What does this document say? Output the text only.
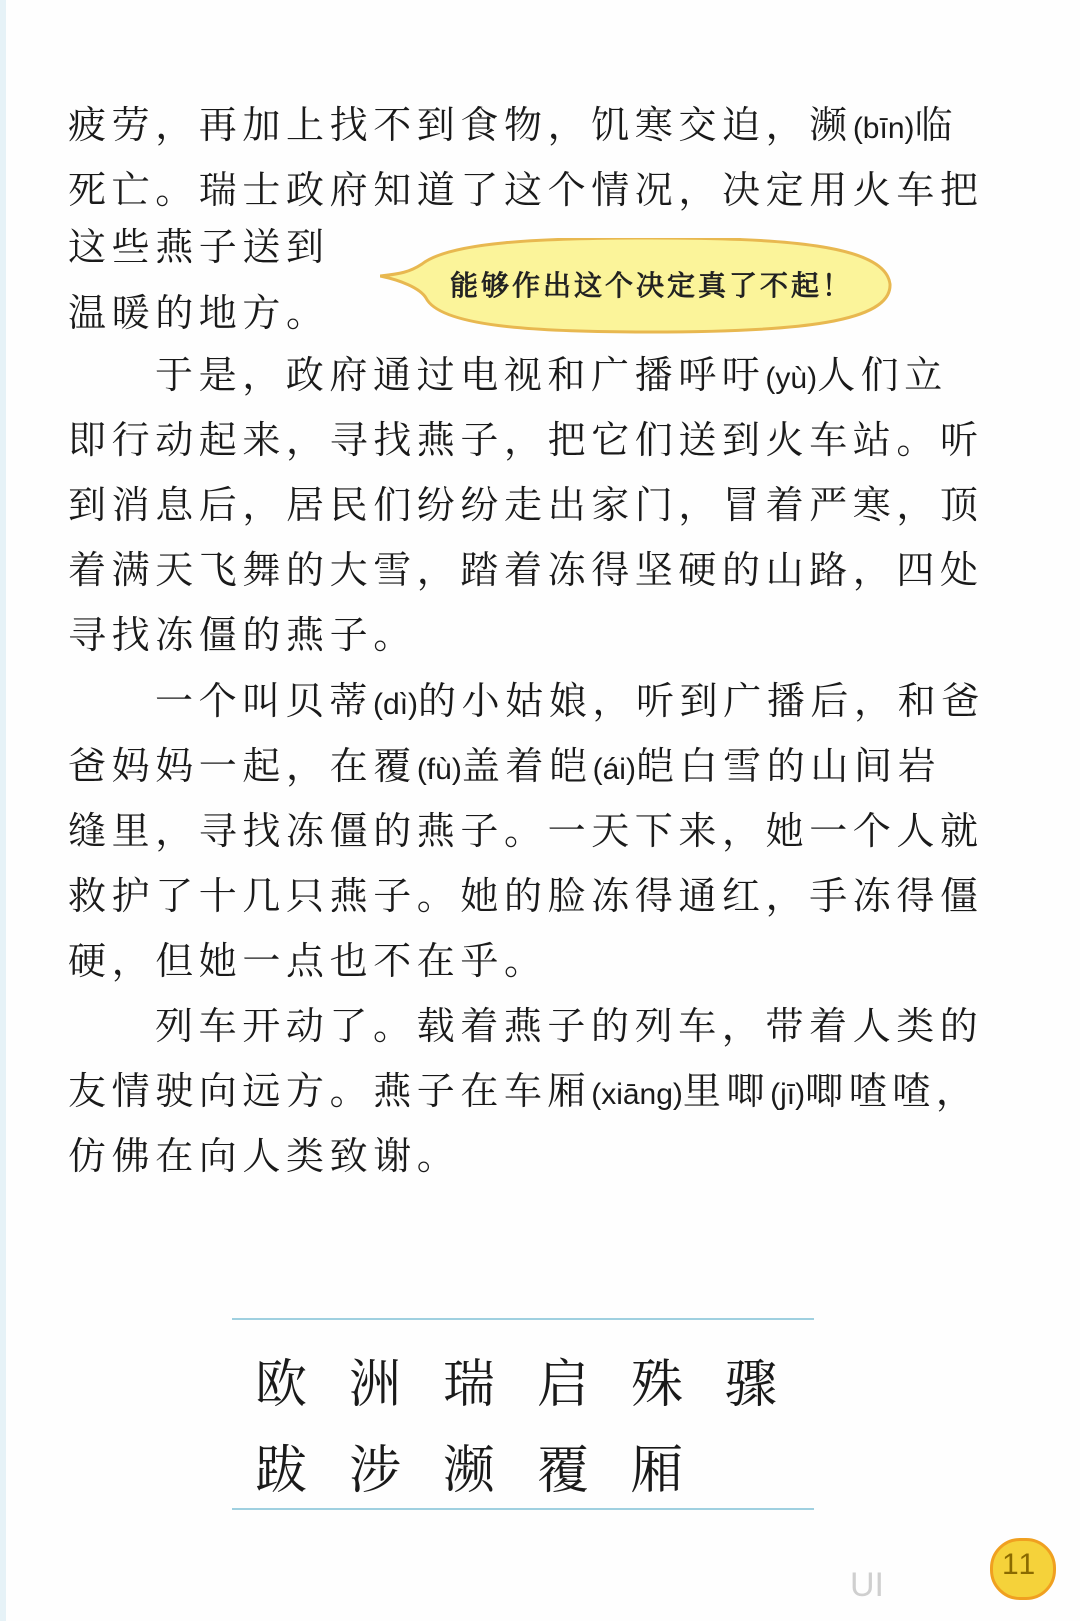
疲劳，再加上找不到食物，饥寒交迫，濒(bīn)临
死亡。瑞士政府知道了这个情况，决定用火车把
这些燕子送到
能够作出这个决定真了不起！
温暖的地方。
于是，政府通过电视和广播呼吁(yù)人们立
即行动起来，寻找燕子，把它们送到火车站。听
到消息后，居民们纷纷走出家门，冒着严寒，顶
着满天飞舞的大雪，踏着冻得坚硬的山路，四处
寻找冻僵的燕子。
一个叫贝蒂(dì)的小姑娘，听到广播后，和爸
爸妈妈一起，在覆(fù)盖着皑(ái)皑白雪的山间岩
缝里，寻找冻僵的燕子。一天下来，她一个人就
救护了十几只燕子。她的脸冻得通红，手冻得僵
硬，但她一点也不在乎。
列车开动了。载着燕子的列车，带着人类的
友情驶向远方。燕子在车厢(xiāng)里唧(jī)唧喳喳，
仿佛在向人类致谢。
欧 洲 瑞 启 殊 骤
跋 涉 濒 覆 厢
UI
11
